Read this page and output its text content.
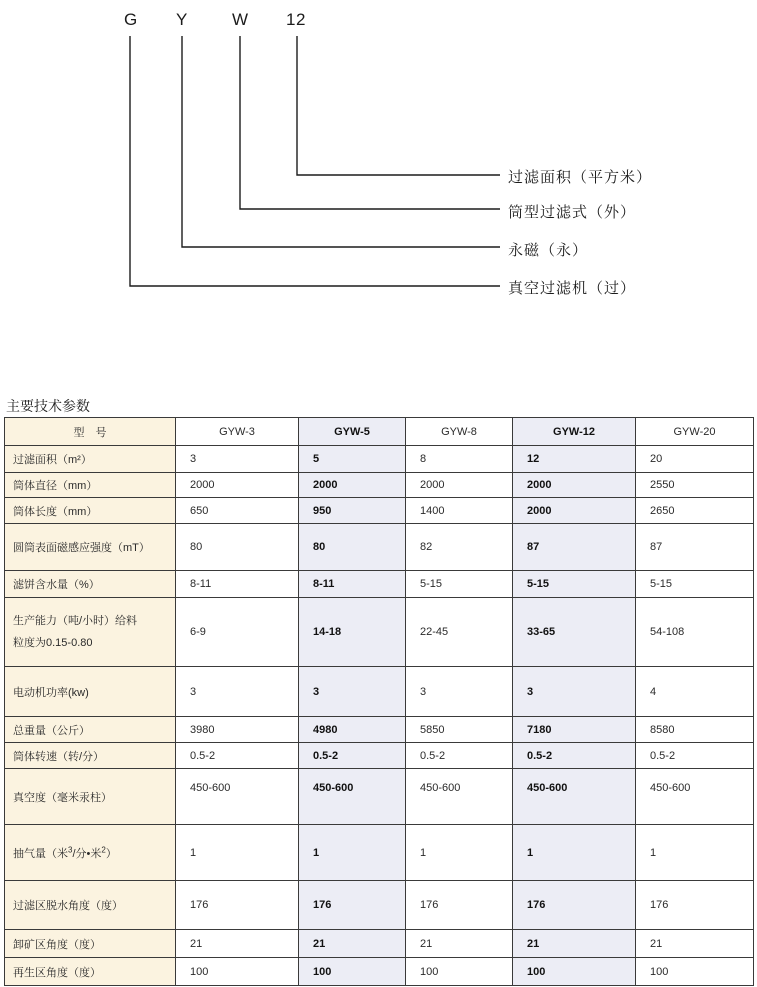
G Y	W 12
过滤面积（平方米）
筒型过滤式（外）
永磁（永）
真空过滤机（过）
主要技术参数
型　号	GYW-3	GYW-5	GYW-8	GYW-12	GYW-20
过滤面积（m²）	3	5	8	12	20
筒体直径（mm）	2000	2000	2000	2000	2550
筒体长度（mm）	650	950	1400	2000	2650
圆筒表面磁感应强度（mT）	80	80	82	87	87
滤饼含水量（%）	8-11	8-11	5-15	5-15	5-15

生产能力（吨/小时）给料
粒度为0.15-0.80	6-9	14-18	22-45	33-65	54-108
电动机功率(kw)	3	3	3	3	4
总重量（公斤）	3980	4980	5850	7180	8580
筒体转速（转/分）	0.5-2	0.5-2	0.5-2	0.5-2	0.5-2
真空度（毫米汞柱）	450-600	450-600	450-600	450-600	450-600
抽气量（米$^3$/分•米$^2$）	1	1	1	1	1
过滤区脱水角度（度）	176	176	176	176	176
卸矿区角度（度）	21	21	21	21	21
再生区角度（度）	100	100	100	100	100
